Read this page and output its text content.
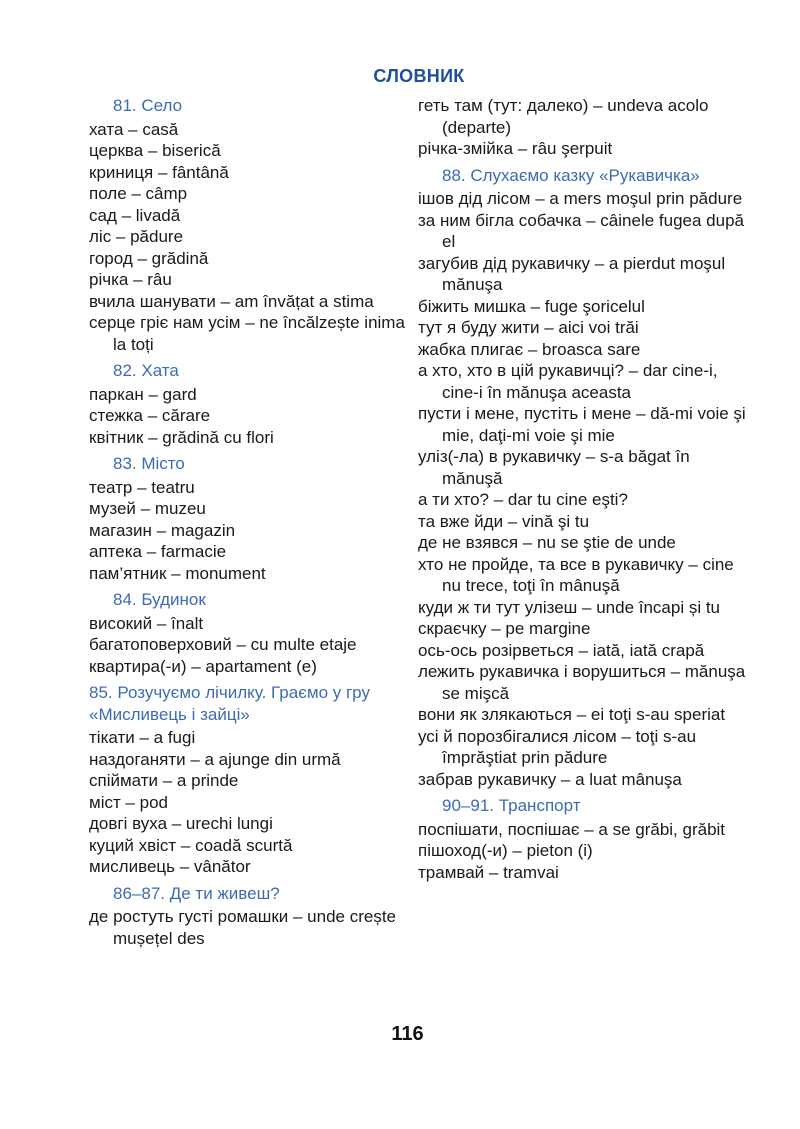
СЛОВНИК
81. Село
хата – casă
церква – biserică
криниця – fântână
поле – câmp
сад – livadă
ліс – pădure
город – grădină
річка – râu
вчила шанувати – am învățat a stima
серце гріє нам усім – ne încălzește inima la toți
82. Хата
паркан – gard
стежка – cărare
квітник – grădină cu flori
83. Місто
театр – teatru
музей – muzeu
магазин – magazin
аптека – farmacie
пам’ятник – monument
84. Будинок
високий – înalt
багатоповерховий – cu multe etaje
квартира(-и) – apartament (e)
85. Розучуємо лічилку. Граємо у гру «Мисливець і зайці»
тікати – a fugi
наздоганяти – a ajunge din urmă
спіймати – a prinde
міст – pod
довгі вуха – urechi lungi
куций хвіст – coadă scurtă
мисливець – vânător
86–87. Де ти живеш?
де ростуть густі ромашки – unde crește mușețel des
геть там (тут: далеко) – undeva acolo (departe)
річка-змійка – râu şerpuit
88. Слухаємо казку «Рукавичка»
ішов дід лісом – a mers moşul prin pădure
за ним бігла собачка – câinele fugea după el
загубив дід рукавичку – a pierdut moşul mănuşa
біжить мишка – fuge şoricelul
тут я буду жити – aici voi trăi
жабка плигає – broasca sare
а хто, хто в цій рукавичці? – dar cine-i, cine-i în mănuşa aceasta
пусти і мене, пустіть і мене – dă-mi voie şi mie, daţi-mi voie şi mie
уліз(-ла) в рукавичку – s-a băgat în mănuşă
а ти хто? – dar tu cine eşti?
та вже йди – vină şi tu
де не взявся – nu se ştie de unde
хто не пройде, та все в рукавичку – cine nu trece, toţi în mânuşă
куди ж ти тут улізеш – unde încapi și tu
скраєчку – pe margine
ось-ось розірветься – iată, iată crapă
лежить рукавичка і ворушиться – mănuşa se mişcă
вони як злякаються – ei toţi s-au speriat
усі й порозбігалися лісом – toţi s-au împrăştiat prin pădure
забрав рукавичку – a luat mânuşa
90–91. Транспорт
поспішати, поспішає – a se grăbi, grăbit
пішоход(-и) – pieton (i)
трамвай – tramvai
116
